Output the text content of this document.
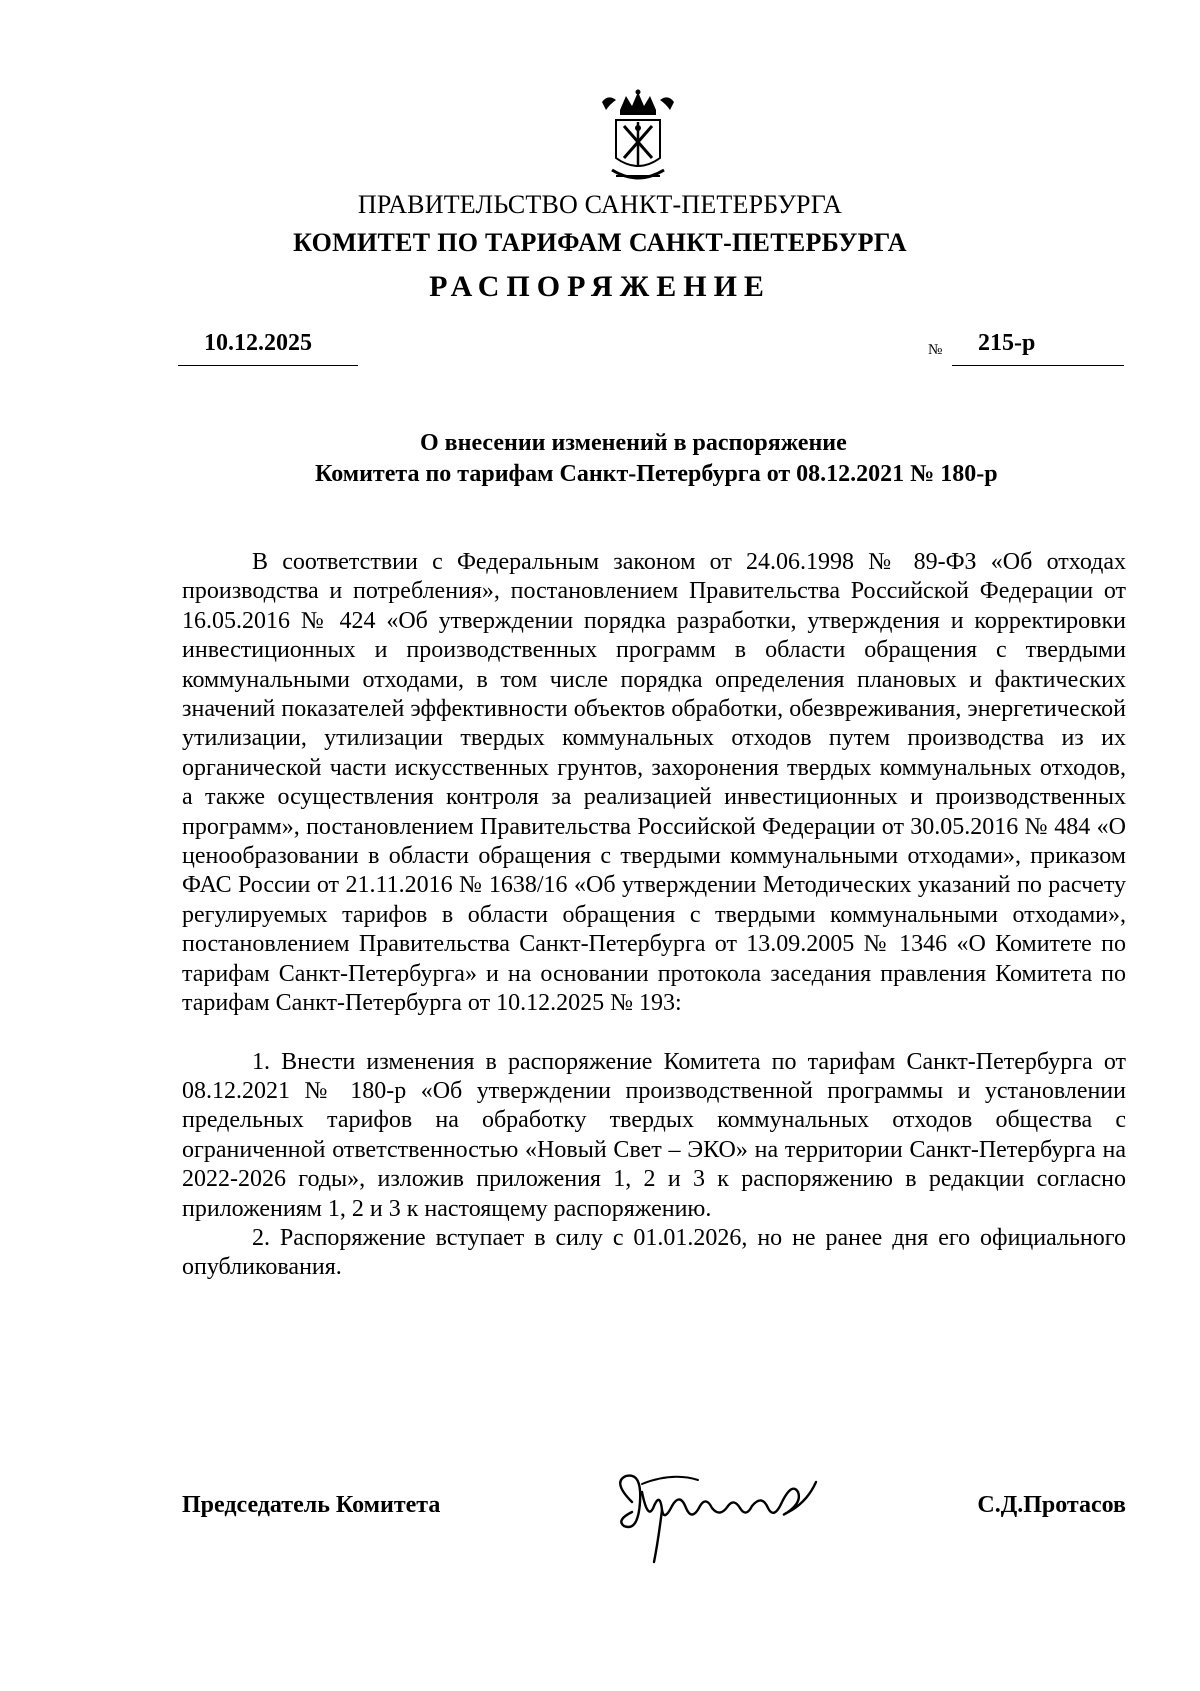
ПРАВИТЕЛЬСТВО САНКТ-ПЕТЕРБУРГА
КОМИТЕТ ПО ТАРИФАМ САНКТ-ПЕТЕРБУРГА
РАСПОРЯЖЕНИЕ
10.12.2025	№	215-р
О внесении изменений в распоряжение
Комитета по тарифам Санкт-Петербурга от 08.12.2021 № 180-р

В соответствии с Федеральным законом от 24.06.1998 № 89-ФЗ «Об отходах производства и потребления», постановлением Правительства Российской Федерации от 16.05.2016 № 424 «Об утверждении порядка разработки, утверждения и корректировки инвестиционных и производственных программ в области обращения с твердыми коммунальными отходами, в том числе порядка определения плановых и фактических значений показателей эффективности объектов обработки, обезвреживания, энергетической утилизации, утилизации твердых коммунальных отходов путем производства из их органической части искусственных грунтов, захоронения твердых коммунальных отходов, а также осуществления контроля за реализацией инвестиционных и производственных программ», постановлением Правительства Российской Федерации от 30.05.2016 № 484 «О ценообразовании в области обращения с твердыми коммунальными отходами», приказом ФАС России от 21.11.2016 № 1638/16 «Об утверждении Методических указаний по расчету регулируемых тарифов в области обращения с твердыми коммунальными отходами», постановлением Правительства Санкт-Петербурга от 13.09.2005 № 1346 «О Комитете по тарифам Санкт-Петербурга» и на основании протокола заседания правления Комитета по тарифам Санкт-Петербурга от 10.12.2025 № 193:

1. Внести изменения в распоряжение Комитета по тарифам Санкт-Петербурга от 08.12.2021 № 180-р «Об утверждении производственной программы и установлении предельных тарифов на обработку твердых коммунальных отходов общества с ограниченной ответственностью «Новый Свет – ЭКО» на территории Санкт-Петербурга на 2022-2026 годы», изложив приложения 1, 2 и 3 к распоряжению в редакции согласно приложениям 1, 2 и 3 к настоящему распоряжению.

2. Распоряжение вступает в силу с 01.01.2026, но не ранее дня его официального опубликования.

Председатель Комитета	С.Д.Протасов
